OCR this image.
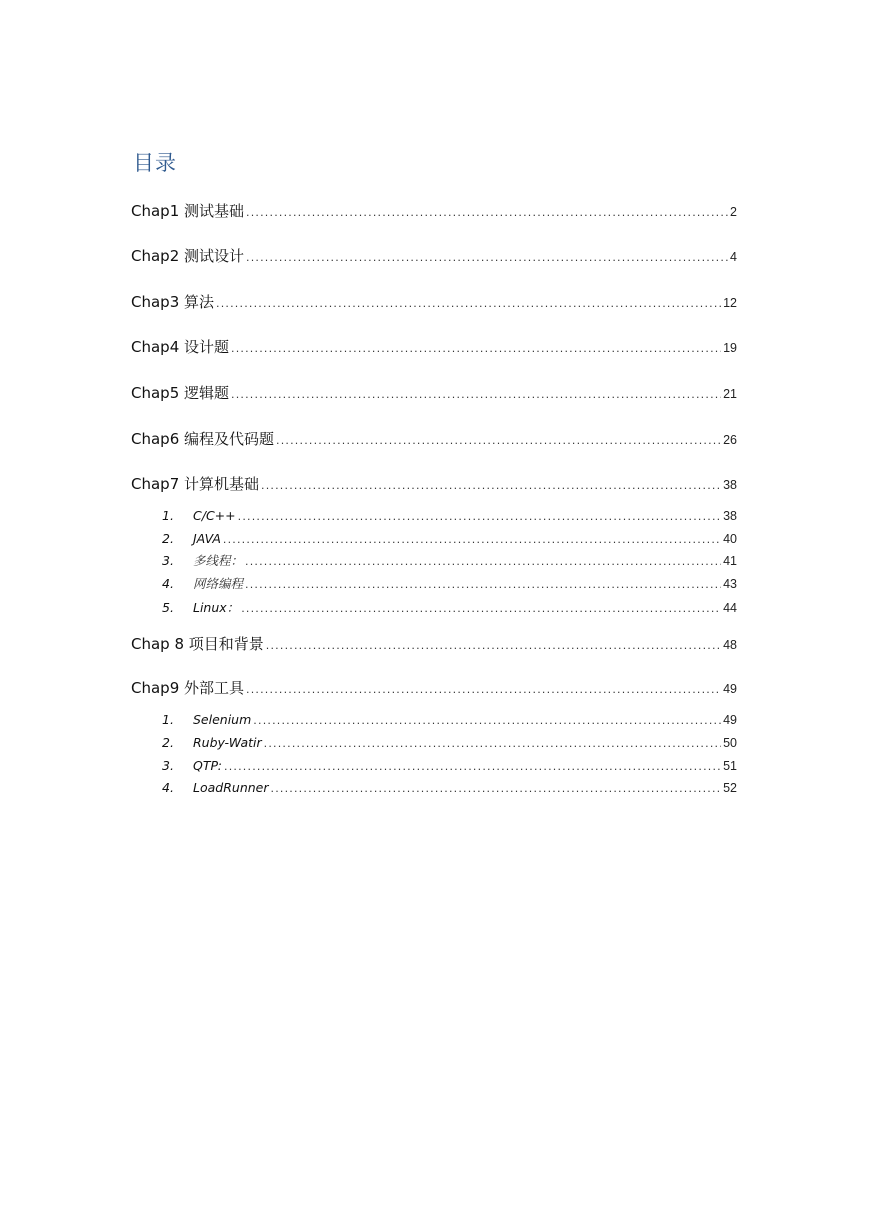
目录
Chap1 测试基础 .....	2
Chap2 测试设计 .....	4
Chap3 算法 .....	12
Chap4 设计题 .....	19
Chap5 逻辑题 .....	21
Chap6 编程及代码题 .....	26
Chap7 计算机基础 .....	38
1.	C/C++ .....	38
2.	JAVA .....	40
3.	多线程： .....	41
4.	网络编程 .....	43
5.	Linux： .....	44
Chap 8 项目和背景 .....	48
Chap9 外部工具 .....	49
1.	Selenium .....	49
2.	Ruby-Watir .....	50
3.	QTP: .....	51
4.	LoadRunner .....	52
